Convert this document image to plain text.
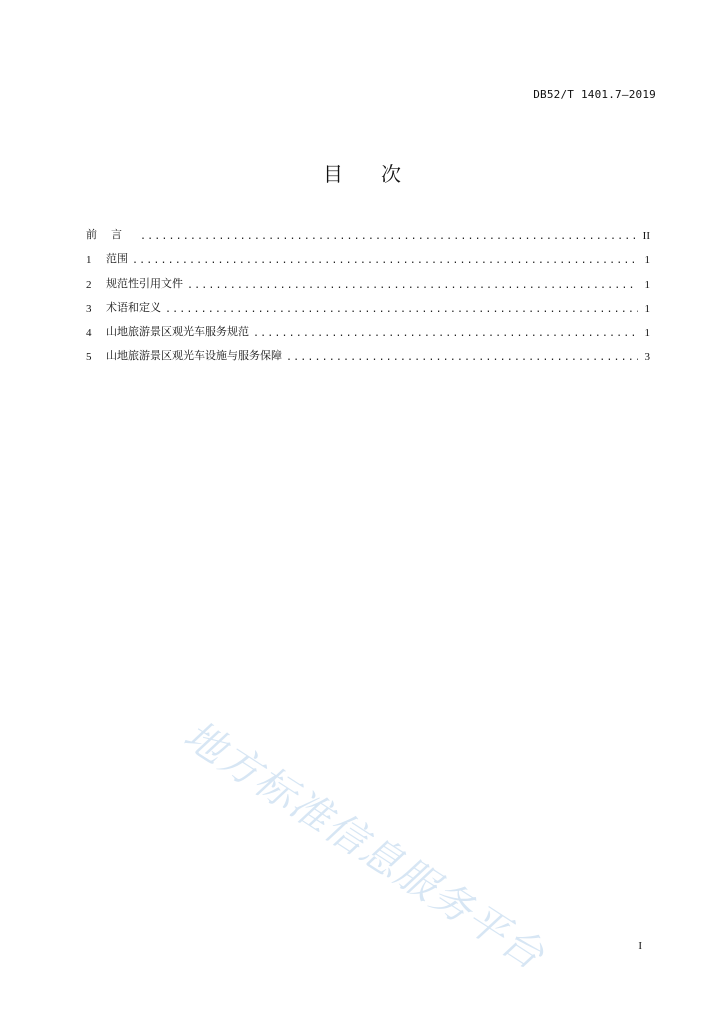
DB52/T 1401.7—2019
目次
前言 .....	II
1	范围 .....	1
2	规范性引用文件 .....	1
3	术语和定义 .....	1
4	山地旅游景区观光车服务规范 .....	1
5	山地旅游景区观光车设施与服务保障 .....	3
地方标准信息服务平台	I
